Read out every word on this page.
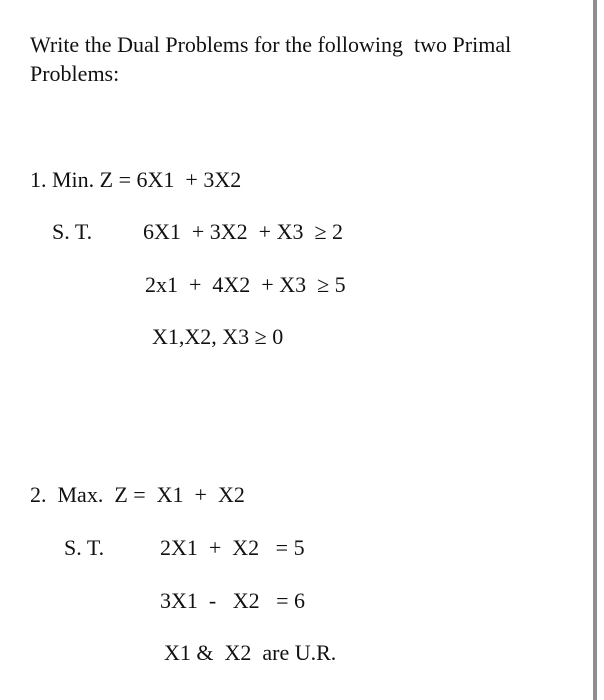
Write the Dual Problems for the following  two Primal
Problems:
1. Min. Z = 6X1  + 3X2
S. T. 6X1  + 3X2  + X3  ≥ 2
2x1  +  4X2  + X3  ≥ 5
X1,X2, X3 ≥ 0
2.  Max.  Z =  X1  +  X2
S. T.	2X1  +  X2   = 5
3X1  -   X2   = 6
X1 &  X2  are U.R.
